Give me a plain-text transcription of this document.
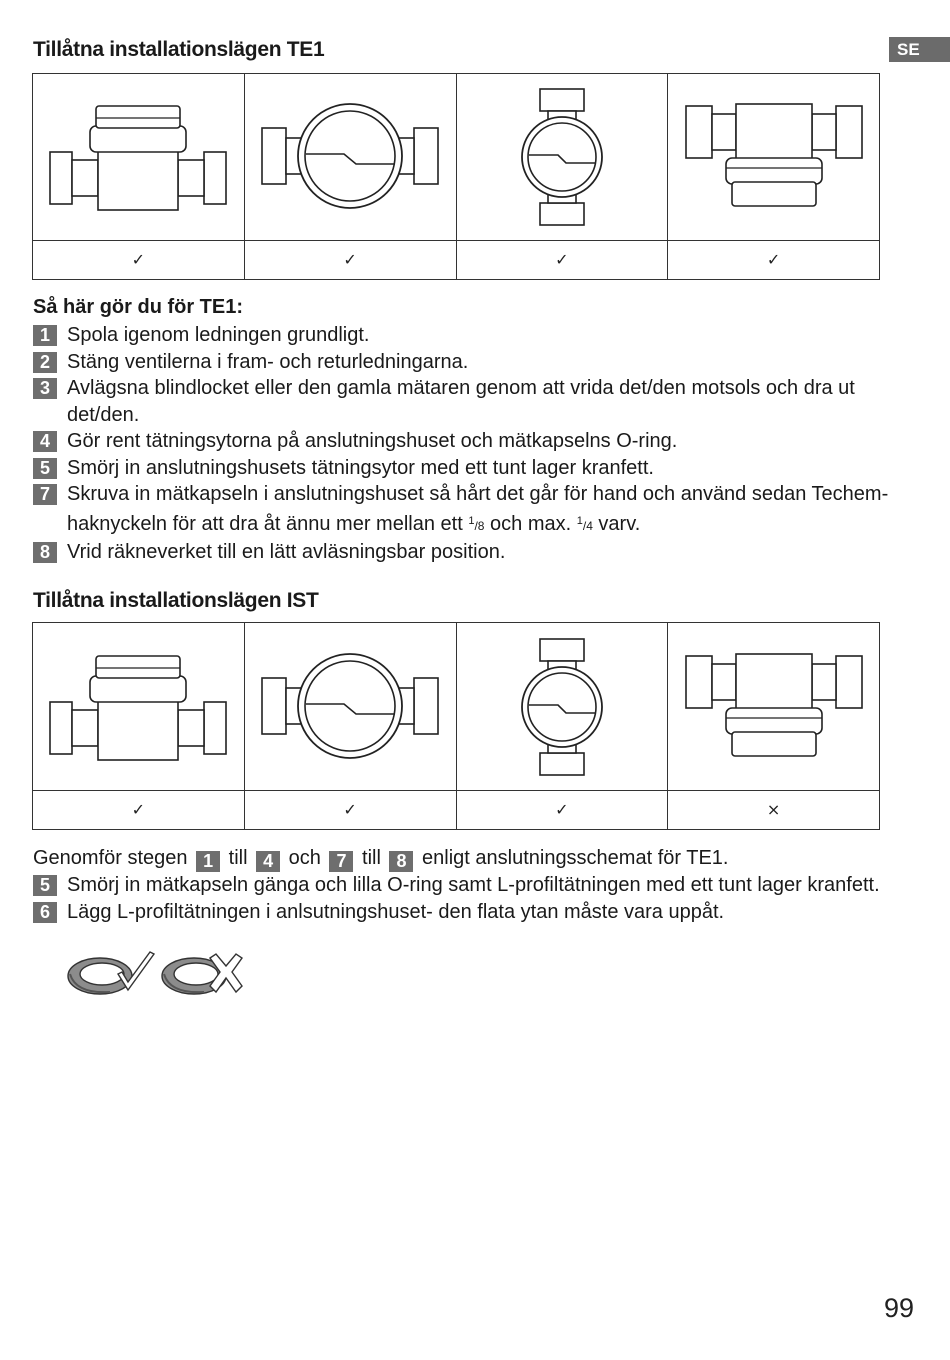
SE
Tillåtna installationslägen TE1

✓	✓	✓	✓
Så här gör du för TE1:
1 Spola igenom ledningen grundligt.
2 Stäng ventilerna i fram- och returledningarna.
3 Avlägsna blindlocket eller den gamla mätaren genom att vrida det/den motsols och dra ut det/den.
4 Gör rent tätningsytorna på anslutningshuset och mätkapselns O-ring.
5 Smörj in anslutningshusets tätningsytor med ett tunt lager kranfett.
7 Skruva in mätkapseln i anslutningshuset så hårt det går för hand och använd sedan Techem-haknyckeln för att dra åt ännu mer mellan ett $^1$/8 och max. $^1$/4 varv.
8 Vrid räkneverket till en lätt avläsningsbar position.
Tillåtna installationslägen IST

✓	✓	✓	×
Genomför stegen 1 till 4 och 7 till 8 enligt anslutningsschemat för TE1.
5 Smörj in mätkapseln gänga och lilla O-ring samt L-profiltätningen med ett tunt lager kranfett.
6 Lägg L-profiltätningen i anlsutningshuset- den flata ytan måste vara uppåt.
99
